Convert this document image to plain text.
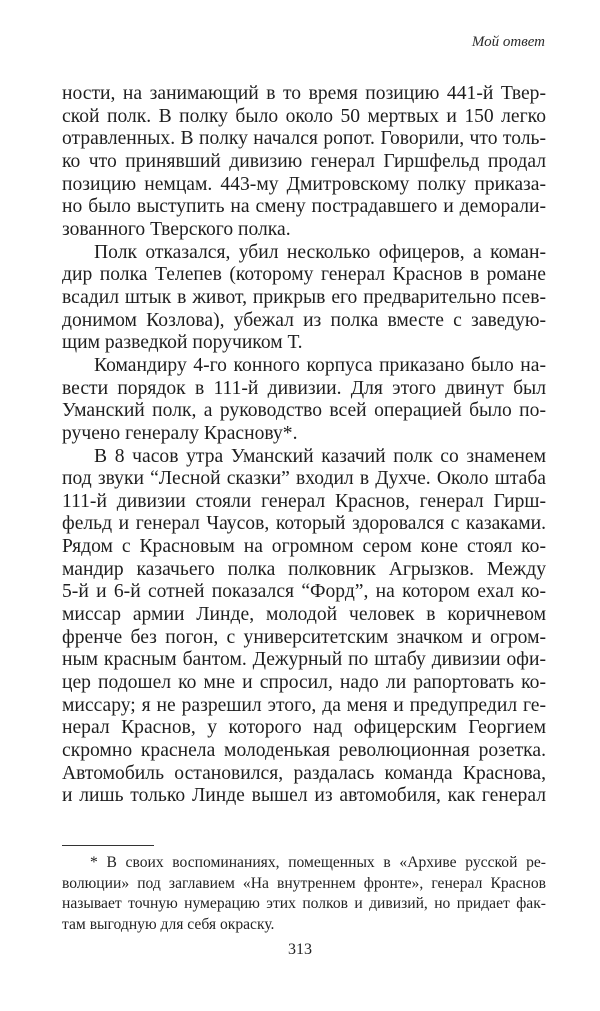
Мой ответ

ности, на занимающий в то время позицию 441-й Твер-
ской полк. В полку было около 50 мертвых и 150 легко
отравленных. В полку начался ропот. Говорили, что толь-
ко что принявший дивизию генерал Гиршфельд продал
позицию немцам. 443-му Дмитровскому полку приказа-
но было выступить на смену пострадавшего и деморали-
зованного Тверского полка.

Полк отказался, убил несколько офицеров, а коман-
дир полка Телепев (которому генерал Краснов в романе
всадил штык в живот, прикрыв его предварительно псев-
донимом Козлова), убежал из полка вместе с заведую-
щим разведкой поручиком Т.

Командиру 4-го конного корпуса приказано было на-
вести порядок в 111-й дивизии. Для этого двинут был
Уманский полк, а руководство всей операцией было по-
ручено генералу Краснову*.

В 8 часов утра Уманский казачий полк со знаменем
под звуки “Лесной сказки” входил в Духче. Около штаба
111-й дивизии стояли генерал Краснов, генерал Гирш-
фельд и генерал Чаусов, который здоровался с казаками.
Рядом с Красновым на огромном сером коне стоял ко-
мандир казачьего полка полковник Агрызков. Между
5-й и 6-й сотней показался “Форд”, на котором ехал ко-
миссар армии Линде, молодой человек в коричневом
френче без погон, с университетским значком и огром-
ным красным бантом. Дежурный по штабу дивизии офи-
цер подошел ко мне и спросил, надо ли рапортовать ко-
миссару; я не разрешил этого, да меня и предупредил ге-
нерал Краснов, у которого над офицерским Георгием
скромно краснела молоденькая революционная розетка.
Автомобиль остановился, раздалась команда Краснова,
и лишь только Линде вышел из автомобиля, как генерал

* В своих воспоминаниях, помещенных в «Архиве русской ре-
волюции» под заглавием «На внутреннем фронте», генерал Краснов
называет точную нумерацию этих полков и дивизий, но придает фак-
там выгодную для себя окраску.
313
